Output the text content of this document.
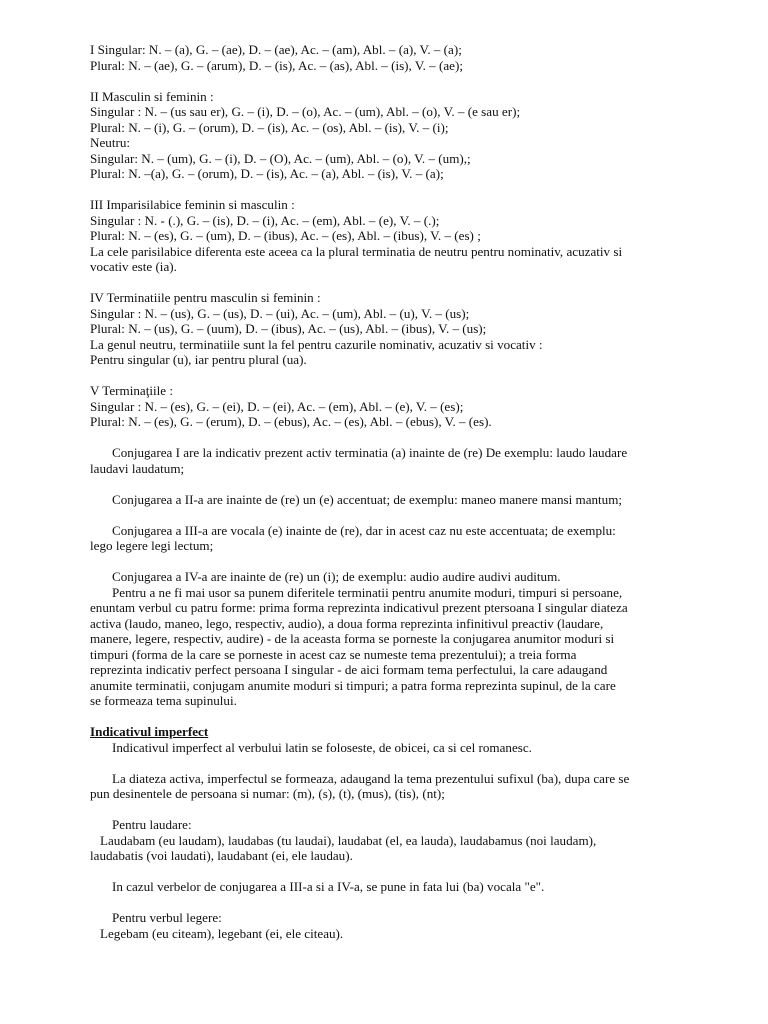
I Singular: N. – (a), G. – (ae), D. – (ae), Ac. – (am), Abl. – (a), V. – (a);
Plural: N. – (ae), G. – (arum), D. – (is), Ac. – (as), Abl. – (is), V. – (ae);
II Masculin si feminin :
Singular : N. – (us sau er), G. – (i), D. – (o), Ac. – (um), Abl. – (o), V. – (e sau er);
Plural: N. – (i), G. – (orum), D. – (is), Ac. – (os), Abl. – (is), V. – (i);
Neutru:
Singular: N. – (um), G. – (i), D. – (O), Ac. – (um), Abl. – (o), V. – (um),;
Plural: N. –(a), G. – (orum), D. – (is), Ac. – (a), Abl. – (is), V. – (a);
III Imparisilabice feminin si masculin :
Singular : N. - (.), G. – (is), D. – (i), Ac. – (em), Abl. – (e), V. – (.);
Plural: N. – (es), G. – (um), D. – (ibus), Ac. – (es), Abl. – (ibus), V. – (es) ;
La cele parisilabice diferenta este aceea ca la plural terminatia de neutru pentru nominativ, acuzativ si
vocativ este (ia).
IV Terminatiile pentru masculin si feminin :
Singular : N. – (us), G. – (us), D. – (ui), Ac. – (um), Abl. – (u), V. – (us);
Plural: N. – (us), G. – (uum), D. – (ibus), Ac. – (us), Abl. – (ibus), V. – (us);
La genul neutru, terminatiile sunt la fel pentru cazurile nominativ, acuzativ si vocativ :
Pentru singular (u), iar pentru plural (ua).
V Terminaţiile :
Singular : N. – (es), G. – (ei), D. – (ei), Ac. – (em), Abl. – (e), V. – (es);
Plural: N. – (es), G. – (erum), D. – (ebus), Ac. – (es), Abl. – (ebus), V. – (es).
Conjugarea I are la indicativ prezent activ terminatia (a) inainte de (re) De exemplu: laudo laudare
laudavi laudatum;
Conjugarea a II-a are inainte de (re) un (e) accentuat; de exemplu: maneo manere mansi mantum;
Conjugarea a III-a are vocala (e) inainte de (re), dar in acest caz nu este accentuata; de exemplu:
lego legere legi lectum;
Conjugarea a IV-a are inainte de (re) un (i); de exemplu: audio audire audivi auditum.
Pentru a ne fi mai usor sa punem diferitele terminatii pentru anumite moduri, timpuri si persoane,
enuntam verbul cu patru forme: prima forma reprezinta indicativul prezent ptersoana I singular diateza
activa (laudo, maneo, lego, respectiv, audio), a doua forma reprezinta infinitivul preactiv (laudare,
manere, legere, respectiv, audire) - de la aceasta forma se porneste la conjugarea anumitor moduri si
timpuri (forma de la care se porneste in acest caz se numeste tema prezentului); a treia forma
reprezinta indicativ perfect persoana I singular - de aici formam tema perfectului, la care adaugand
anumite terminatii, conjugam anumite moduri si timpuri; a patra forma reprezinta supinul, de la care
se formeaza tema supinului.
Indicativul imperfect
Indicativul imperfect al verbului latin se foloseste, de obicei, ca si cel romanesc.
La diateza activa, imperfectul se formeaza, adaugand la tema prezentului sufixul (ba), dupa care se
pun desinentele de persoana si numar: (m), (s), (t), (mus), (tis), (nt);
Pentru laudare:
Laudabam (eu laudam), laudabas (tu laudai), laudabat (el, ea lauda), laudabamus (noi laudam),
laudabatis (voi laudati), laudabant (ei, ele laudau).
In cazul verbelor de conjugarea a III-a si a IV-a, se pune in fata lui (ba) vocala "e".
Pentru verbul legere:
Legebam (eu citeam), legebant (ei, ele citeau).
